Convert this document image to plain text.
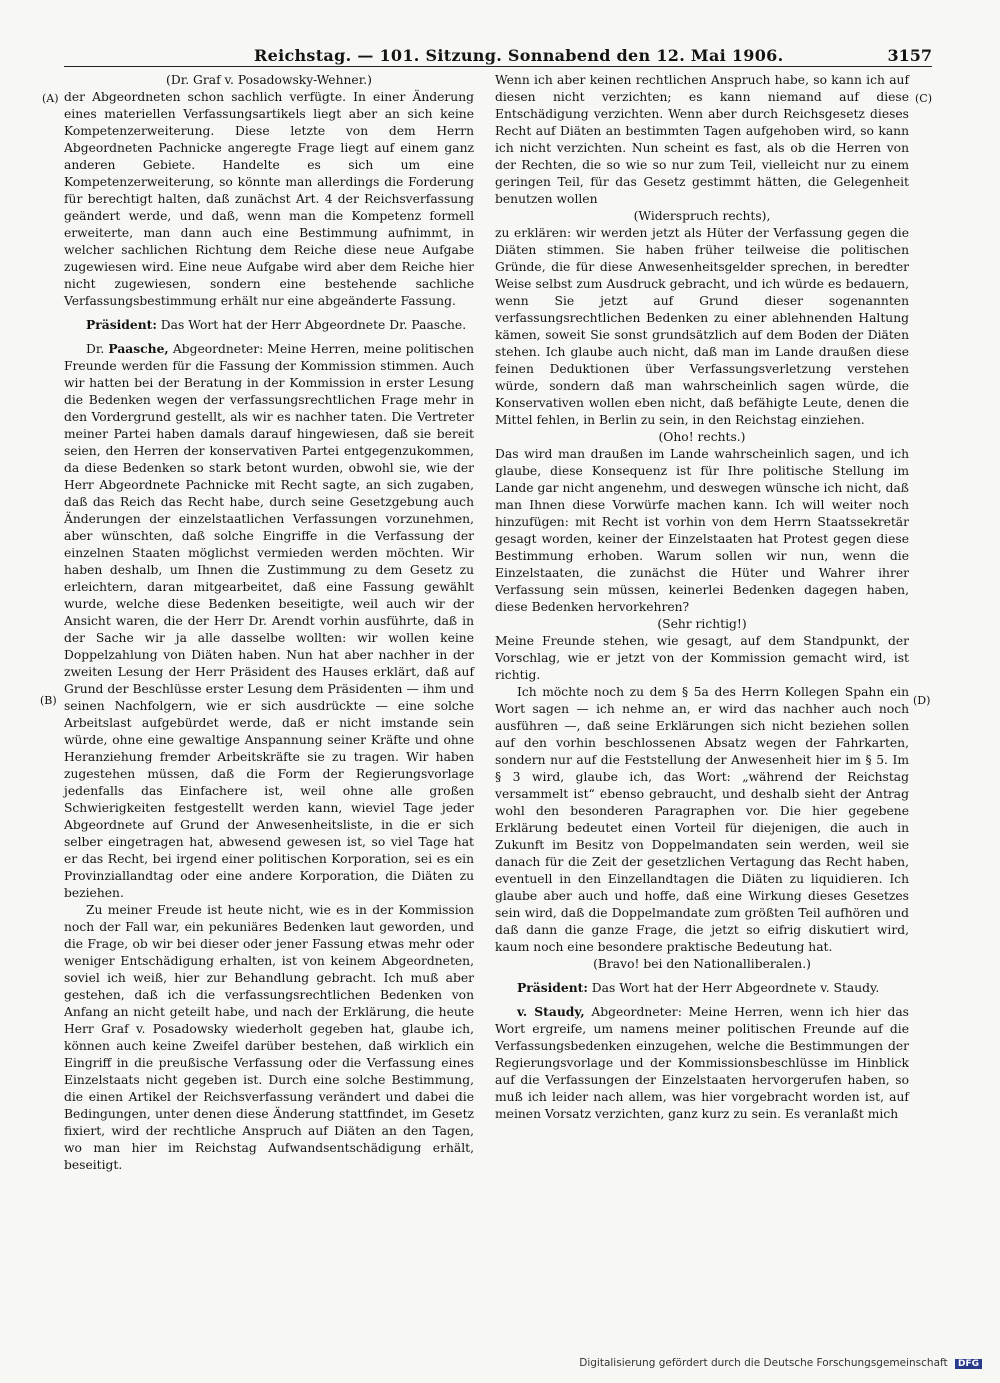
Reichstag. — 101. Sitzung. Sonnabend den 12. Mai 1906.	3157
(A)
(B)
(C)
(D)

(Dr. Graf v. Posadowsky-Wehner.)

der Abgeordneten schon sachlich verfügte. In einer Änderung eines materiellen Verfassungsartikels liegt aber an sich keine Kompetenzerweiterung. Diese letzte von dem Herrn Abgeordneten Pachnicke angeregte Frage liegt auf einem ganz anderen Gebiete. Handelte es sich um eine Kompetenzerweiterung, so könnte man allerdings die Forderung für berechtigt halten, daß zunächst Art. 4 der Reichsverfassung geändert werde, und daß, wenn man die Kompetenz formell erweiterte, man dann auch eine Bestimmung aufnimmt, in welcher sachlichen Richtung dem Reiche diese neue Aufgabe zugewiesen wird. Eine neue Aufgabe wird aber dem Reiche hier nicht zugewiesen, sondern eine bestehende sachliche Verfassungsbestimmung erhält nur eine abgeänderte Fassung.

Präsident: Das Wort hat der Herr Abgeordnete Dr. Paasche.

Dr. Paasche, Abgeordneter: Meine Herren, meine politischen Freunde werden für die Fassung der Kommission stimmen. Auch wir hatten bei der Beratung in der Kommission in erster Lesung die Bedenken wegen der verfassungsrechtlichen Frage mehr in den Vordergrund gestellt, als wir es nachher taten. Die Vertreter meiner Partei haben damals darauf hingewiesen, daß sie bereit seien, den Herren der konservativen Partei entgegenzukommen, da diese Bedenken so stark betont wurden, obwohl sie, wie der Herr Abgeordnete Pachnicke mit Recht sagte, an sich zugaben, daß das Reich das Recht habe, durch seine Gesetzgebung auch Änderungen der einzelstaatlichen Verfassungen vorzunehmen, aber wünschten, daß solche Eingriffe in die Verfassung der einzelnen Staaten möglichst vermieden werden möchten. Wir haben deshalb, um Ihnen die Zustimmung zu dem Gesetz zu erleichtern, daran mitgearbeitet, daß eine Fassung gewählt wurde, welche diese Bedenken beseitigte, weil auch wir der Ansicht waren, die der Herr Dr. Arendt vorhin ausführte, daß in der Sache wir ja alle dasselbe wollten: wir wollen keine Doppelzahlung von Diäten haben. Nun hat aber nachher in der zweiten Lesung der Herr Präsident des Hauses erklärt, daß auf Grund der Beschlüsse erster Lesung dem Präsidenten — ihm und seinen Nachfolgern, wie er sich ausdrückte — eine solche Arbeitslast aufgebürdet werde, daß er nicht imstande sein würde, ohne eine gewaltige Anspannung seiner Kräfte und ohne Heranziehung fremder Arbeitskräfte sie zu tragen. Wir haben zugestehen müssen, daß die Form der Regierungsvorlage jedenfalls das Einfachere ist, weil ohne alle großen Schwierigkeiten festgestellt werden kann, wieviel Tage jeder Abgeordnete auf Grund der Anwesenheitsliste, in die er sich selber eingetragen hat, abwesend gewesen ist, so viel Tage hat er das Recht, bei irgend einer politischen Korporation, sei es ein Provinziallandtag oder eine andere Korporation, die Diäten zu beziehen.

Zu meiner Freude ist heute nicht, wie es in der Kommission noch der Fall war, ein pekuniäres Bedenken laut geworden, und die Frage, ob wir bei dieser oder jener Fassung etwas mehr oder weniger Entschädigung erhalten, ist von keinem Abgeordneten, soviel ich weiß, hier zur Behandlung gebracht. Ich muß aber gestehen, daß ich die verfassungsrechtlichen Bedenken von Anfang an nicht geteilt habe, und nach der Erklärung, die heute Herr Graf v. Posadowsky wiederholt gegeben hat, glaube ich, können auch keine Zweifel darüber bestehen, daß wirklich ein Eingriff in die preußische Verfassung oder die Verfassung eines Einzelstaats nicht gegeben ist. Durch eine solche Bestimmung, die einen Artikel der Reichsverfassung verändert und dabei die Bedingungen, unter denen diese Änderung stattfindet, im Gesetz fixiert, wird der rechtliche Anspruch auf Diäten an den Tagen, wo man hier im Reichstag Aufwandsentschädigung erhält, beseitigt.

Wenn ich aber keinen rechtlichen Anspruch habe, so kann ich auf diesen nicht verzichten; es kann niemand auf diese Entschädigung verzichten. Wenn aber durch Reichsgesetz dieses Recht auf Diäten an bestimmten Tagen aufgehoben wird, so kann ich nicht verzichten. Nun scheint es fast, als ob die Herren von der Rechten, die so wie so nur zum Teil, vielleicht nur zu einem geringen Teil, für das Gesetz gestimmt hätten, die Gelegenheit benutzen wollen

(Widerspruch rechts),

zu erklären: wir werden jetzt als Hüter der Verfassung gegen die Diäten stimmen. Sie haben früher teilweise die politischen Gründe, die für diese Anwesenheitsgelder sprechen, in beredter Weise selbst zum Ausdruck gebracht, und ich würde es bedauern, wenn Sie jetzt auf Grund dieser sogenannten verfassungsrechtlichen Bedenken zu einer ablehnenden Haltung kämen, soweit Sie sonst grundsätzlich auf dem Boden der Diäten stehen. Ich glaube auch nicht, daß man im Lande draußen diese feinen Deduktionen über Verfassungsverletzung verstehen würde, sondern daß man wahrscheinlich sagen würde, die Konservativen wollen eben nicht, daß befähigte Leute, denen die Mittel fehlen, in Berlin zu sein, in den Reichstag einziehen.

(Oho! rechts.)

Das wird man draußen im Lande wahrscheinlich sagen, und ich glaube, diese Konsequenz ist für Ihre politische Stellung im Lande gar nicht angenehm, und deswegen wünsche ich nicht, daß man Ihnen diese Vorwürfe machen kann. Ich will weiter noch hinzufügen: mit Recht ist vorhin von dem Herrn Staatssekretär gesagt worden, keiner der Einzelstaaten hat Protest gegen diese Bestimmung erhoben. Warum sollen wir nun, wenn die Einzelstaaten, die zunächst die Hüter und Wahrer ihrer Verfassung sein müssen, keinerlei Bedenken dagegen haben, diese Bedenken hervorkehren?

(Sehr richtig!)

Meine Freunde stehen, wie gesagt, auf dem Standpunkt, der Vorschlag, wie er jetzt von der Kommission gemacht wird, ist richtig.

Ich möchte noch zu dem § 5a des Herrn Kollegen Spahn ein Wort sagen — ich nehme an, er wird das nachher auch noch ausführen —, daß seine Erklärungen sich nicht beziehen sollen auf den vorhin beschlossenen Absatz wegen der Fahrkarten, sondern nur auf die Feststellung der Anwesenheit hier im § 5. Im § 3 wird, glaube ich, das Wort: „während der Reichstag versammelt ist“ ebenso gebraucht, und deshalb sieht der Antrag wohl den besonderen Paragraphen vor. Die hier gegebene Erklärung bedeutet einen Vorteil für diejenigen, die auch in Zukunft im Besitz von Doppelmandaten sein werden, weil sie danach für die Zeit der gesetzlichen Vertagung das Recht haben, eventuell in den Einzellandtagen die Diäten zu liquidieren. Ich glaube aber auch und hoffe, daß eine Wirkung dieses Gesetzes sein wird, daß die Doppelmandate zum größten Teil aufhören und daß dann die ganze Frage, die jetzt so eifrig diskutiert wird, kaum noch eine besondere praktische Bedeutung hat.

(Bravo! bei den Nationalliberalen.)

Präsident: Das Wort hat der Herr Abgeordnete v. Staudy.

v. Staudy, Abgeordneter: Meine Herren, wenn ich hier das Wort ergreife, um namens meiner politischen Freunde auf die Verfassungsbedenken einzugehen, welche die Bestimmungen der Regierungsvorlage und der Kommissionsbeschlüsse im Hinblick auf die Verfassungen der Einzelstaaten hervorgerufen haben, so muß ich leider nach allem, was hier vorgebracht worden ist, auf meinen Vorsatz verzichten, ganz kurz zu sein. Es veranlaßt mich

Digitalisierung gefördert durch die Deutsche Forschungsgemeinschaft DFG
